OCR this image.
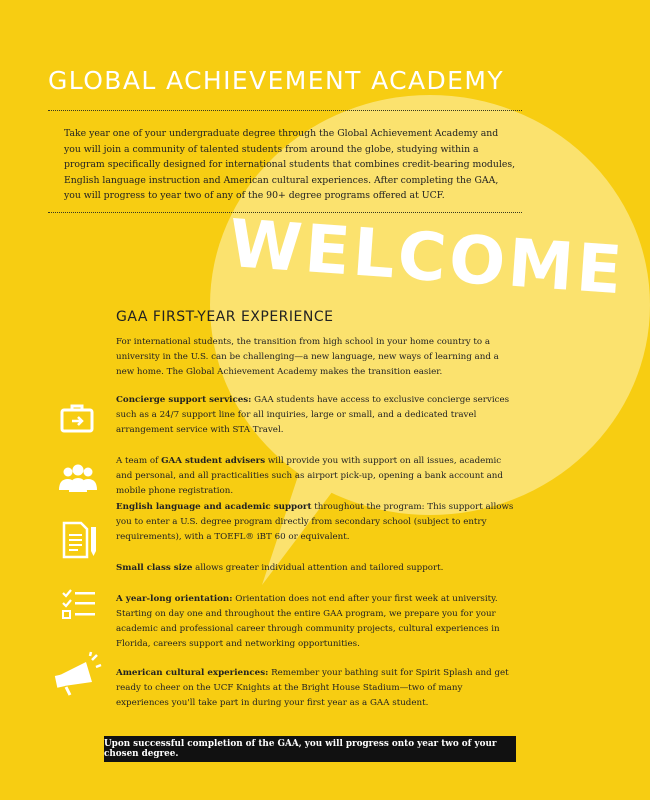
WELCOME
GLOBAL ACHIEVEMENT ACADEMY
Take year one of your undergraduate degree through the Global Achievement Academy and you will join a community of talented students from around the globe, studying within a program specifically designed for international students that combines credit-bearing modules, English language instruction and American cultural experiences. After completing the GAA, you will progress to year two of any of the 90+ degree programs offered at UCF.
GAA FIRST-YEAR EXPERIENCE
For international students, the transition from high school in your home country to a university in the U.S. can be challenging—a new language, new ways of learning and a new home. The Global Achievement Academy makes the transition easier.
Concierge support services: GAA students have access to exclusive concierge services such as a 24/7 support line for all inquiries, large or small, and a dedicated travel arrangement service with STA Travel.
A team of GAA student advisers will provide you with support on all issues, academic and personal, and all practicalities such as airport pick-up, opening a bank account and mobile phone registration.
English language and academic support throughout the program: This support allows you to enter a U.S. degree program directly from secondary school (subject to entry requirements), with a TOEFL® iBT 60 or equivalent.
Small class size allows greater individual attention and tailored support.
A year-long orientation: Orientation does not end after your first week at university. Starting on day one and throughout the entire GAA program, we prepare you for your academic and professional career through community projects, cultural experiences in Florida, careers support and networking opportunities.
American cultural experiences: Remember your bathing suit for Spirit Splash and get ready to cheer on the UCF Knights at the Bright House Stadium—two of many experiences you'll take part in during your first year as a GAA student.
Upon successful completion of the GAA, you will progress onto year two of your chosen degree.
